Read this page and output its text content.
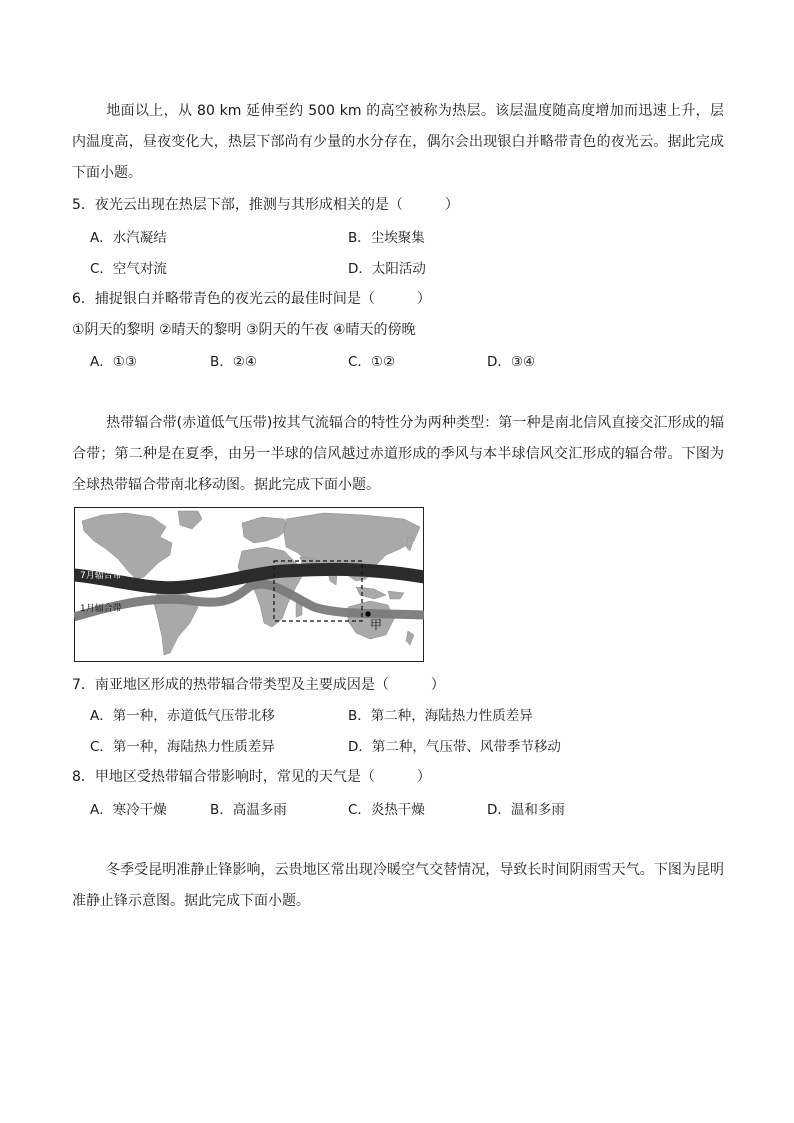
地面以上，从 80 km 延伸至约 500 km 的高空被称为热层。该层温度随高度增加而迅速上升，层内温度高，昼夜变化大，热层下部尚有少量的水分存在，偶尔会出现银白并略带青色的夜光云。据此完成下面小题。
5．夜光云出现在热层下部，推测与其形成相关的是（　　　）
A．水汽凝结	B．尘埃聚集
C．空气对流	D．太阳活动
6．捕捉银白并略带青色的夜光云的最佳时间是（　　　）
①阴天的黎明 ②晴天的黎明 ③阴天的午夜 ④晴天的傍晚
A．①③	B．②④	C．①②	D．③④
热带辐合带(赤道低气压带)按其气流辐合的特性分为两种类型：第一种是南北信风直接交汇形成的辐合带；第二种是在夏季，由另一半球的信风越过赤道形成的季风与本半球信风交汇形成的辐合带。下图为全球热带辐合带南北移动图。据此完成下面小题。
7月辐合带
1月辐合带
甲
7．南亚地区形成的热带辐合带类型及主要成因是（　　　）
A．第一种，赤道低气压带北移	B．第二种，海陆热力性质差异
C．第一种，海陆热力性质差异	D．第二种，气压带、风带季节移动
8．甲地区受热带辐合带影响时，常见的天气是（　　　）
A．寒冷干燥	B．高温多雨	C．炎热干燥	D．温和多雨
冬季受昆明准静止锋影响，云贵地区常出现冷暖空气交替情况，导致长时间阴雨雪天气。下图为昆明准静止锋示意图。据此完成下面小题。
